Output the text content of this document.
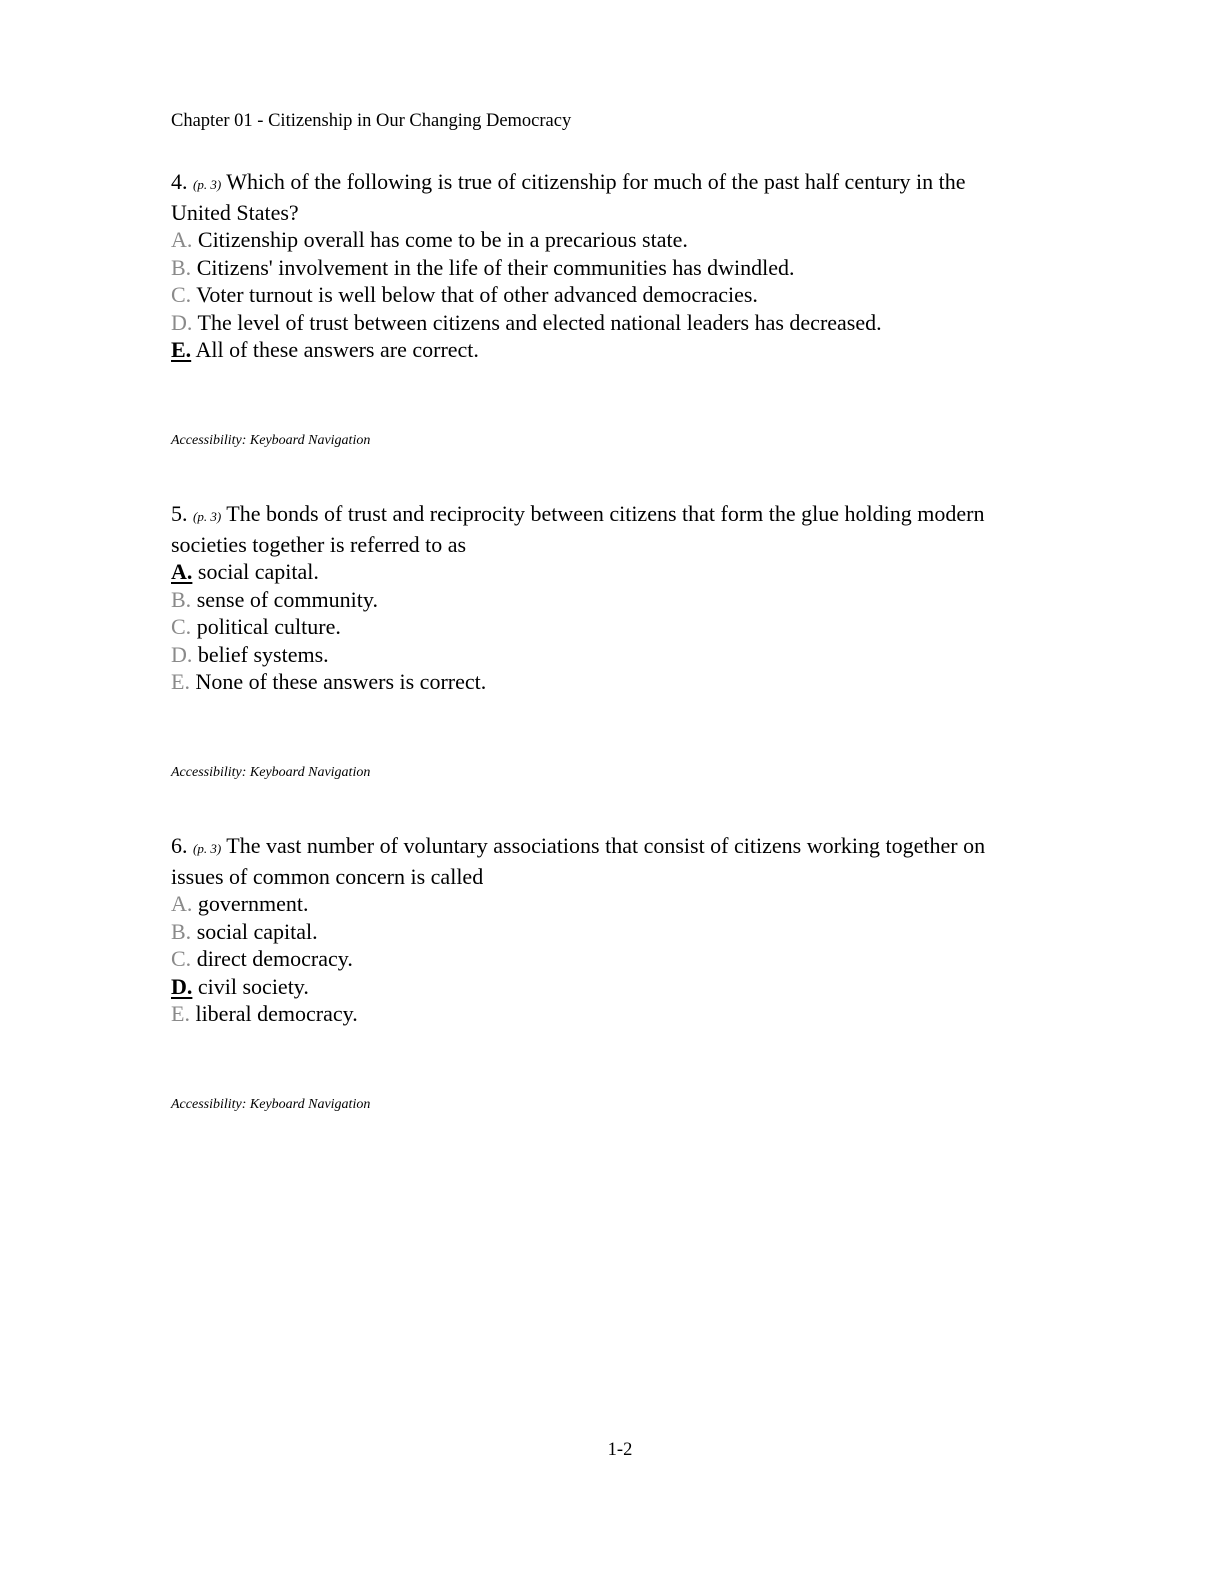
Chapter 01 - Citizenship in Our Changing Democracy

4. (p. 3) Which of the following is true of citizenship for much of the past half century in the
United States?

A. Citizenship overall has come to be in a precarious state.

B. Citizens' involvement in the life of their communities has dwindled.

C. Voter turnout is well below that of other advanced democracies.

D. The level of trust between citizens and elected national leaders has decreased.

E. All of these answers are correct.

Accessibility: Keyboard Navigation

5. (p. 3) The bonds of trust and reciprocity between citizens that form the glue holding modern
societies together is referred to as

A. social capital.

B. sense of community.

C. political culture.

D. belief systems.

E. None of these answers is correct.

Accessibility: Keyboard Navigation

6. (p. 3) The vast number of voluntary associations that consist of citizens working together on
issues of common concern is called

A. government.

B. social capital.

C. direct democracy.

D. civil society.

E. liberal democracy.

Accessibility: Keyboard Navigation
1-2
